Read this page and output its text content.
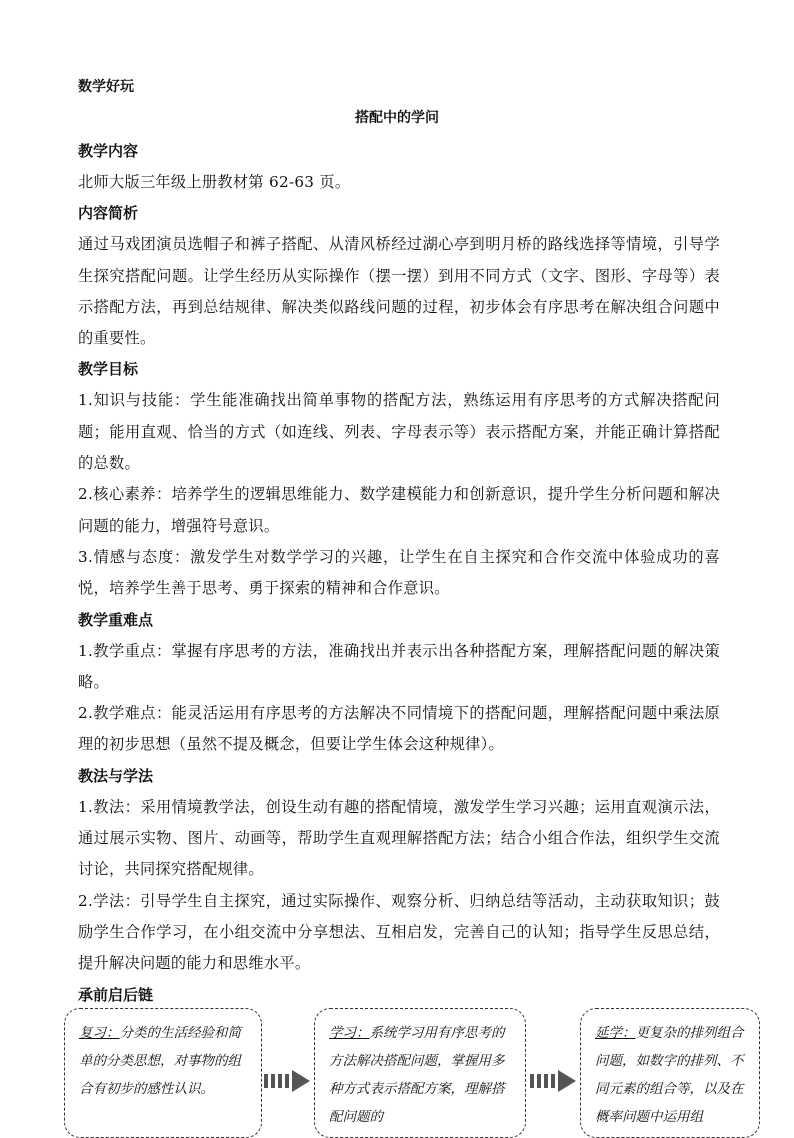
数学好玩
搭配中的学问

教学内容

北师大版三年级上册教材第 62-63 页。

内容简析

通过马戏团演员选帽子和裤子搭配、从清风桥经过湖心亭到明月桥的路线选择等情境，引导学生探究搭配问题。让学生经历从实际操作（摆一摆）到用不同方式（文字、图形、字母等）表示搭配方法，再到总结规律、解决类似路线问题的过程，初步体会有序思考在解决组合问题中的重要性。

教学目标

1.知识与技能：学生能准确找出简单事物的搭配方法，熟练运用有序思考的方式解决搭配问题；能用直观、恰当的方式（如连线、列表、字母表示等）表示搭配方案，并能正确计算搭配的总数。

2.核心素养：培养学生的逻辑思维能力、数学建模能力和创新意识，提升学生分析问题和解决问题的能力，增强符号意识。

3.情感与态度：激发学生对数学学习的兴趣，让学生在自主探究和合作交流中体验成功的喜悦，培养学生善于思考、勇于探索的精神和合作意识。

教学重难点

1.教学重点：掌握有序思考的方法，准确找出并表示出各种搭配方案，理解搭配问题的解决策略。

2.教学难点：能灵活运用有序思考的方法解决不同情境下的搭配问题，理解搭配问题中乘法原理的初步思想（虽然不提及概念，但要让学生体会这种规律）。

教法与学法

1.教法：采用情境教学法，创设生动有趣的搭配情境，激发学生学习兴趣；运用直观演示法，通过展示实物、图片、动画等，帮助学生直观理解搭配方法；结合小组合作法，组织学生交流讨论，共同探究搭配规律。

2.学法：引导学生自主探究，通过实际操作、观察分析、归纳总结等活动，主动获取知识；鼓励学生合作学习，在小组交流中分享想法、互相启发，完善自己的认知；指导学生反思总结，提升解决问题的能力和思维水平。

承前启后链

复习：分类的生活经验和简单的分类思想，对事物的组合有初步的感性认识。
学习：系统学习用有序思考的方法解决搭配问题，掌握用多种方式表示搭配方案，理解搭配问题的
延学：更复杂的排列组合问题，如数字的排列、不同元素的组合等，以及在概率问题中运用组
